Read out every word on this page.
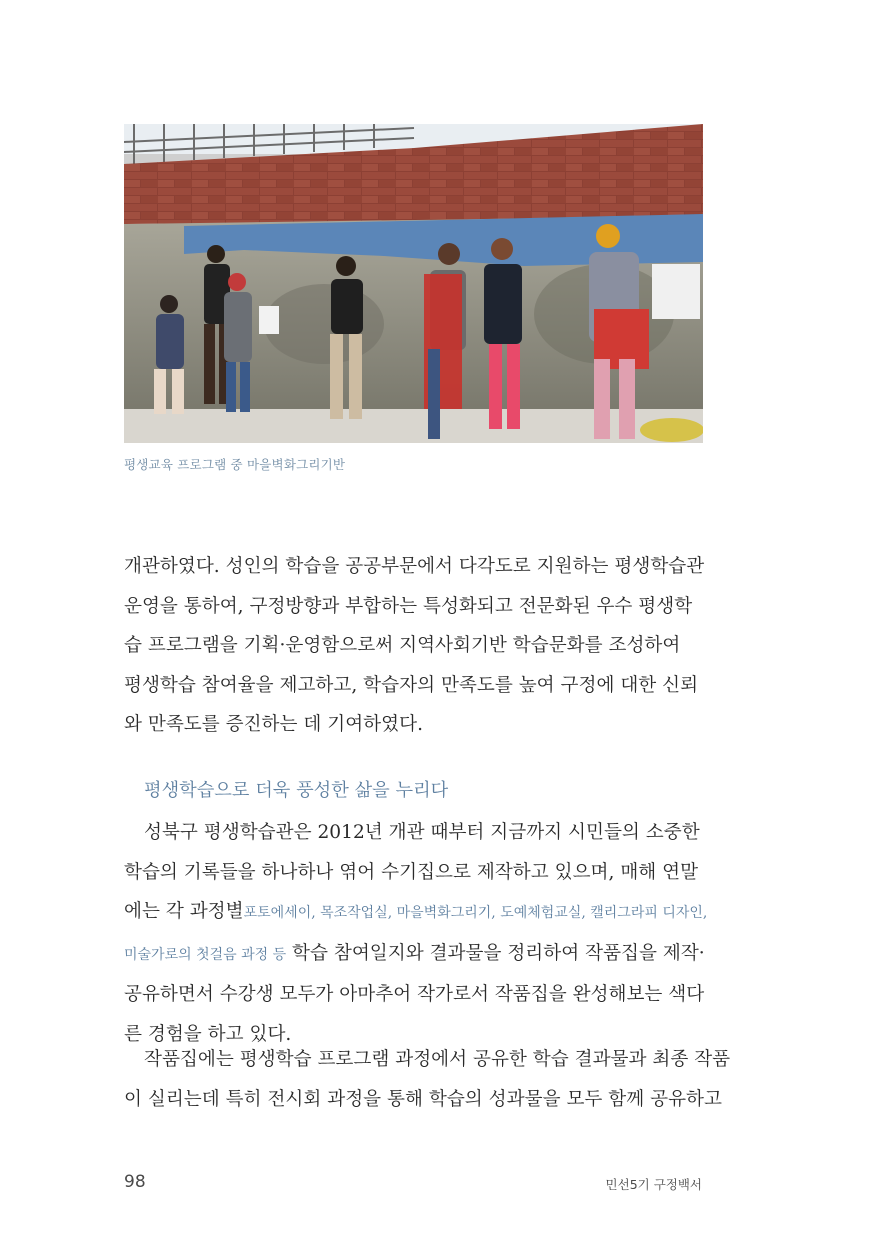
평생교육 프로그램 중 마을벽화그리기반
개관하였다. 성인의 학습을 공공부문에서 다각도로 지원하는 평생학습관
운영을 통하여, 구정방향과 부합하는 특성화되고 전문화된 우수 평생학
습 프로그램을 기획·운영함으로써 지역사회기반 학습문화를 조성하여
평생학습 참여율을 제고하고, 학습자의 만족도를 높여 구정에 대한 신뢰
와 만족도를 증진하는 데 기여하였다.
평생학습으로 더욱 풍성한 삶을 누리다
성북구 평생학습관은 2012년 개관 때부터 지금까지 시민들의 소중한
학습의 기록들을 하나하나 엮어 수기집으로 제작하고 있으며, 매해 연말
에는 각 과정별포토에세이, 목조작업실, 마을벽화그리기, 도예체험교실, 캘리그라피 디자인,
미술가로의 첫걸음 과정 등 학습 참여일지와 결과물을 정리하여 작품집을 제작·
공유하면서 수강생 모두가 아마추어 작가로서 작품집을 완성해보는 색다
른 경험을 하고 있다.
작품집에는 평생학습 프로그램 과정에서 공유한 학습 결과물과 최종 작품
이 실리는데 특히 전시회 과정을 통해 학습의 성과물을 모두 함께 공유하고
98	민선5기 구정백서
